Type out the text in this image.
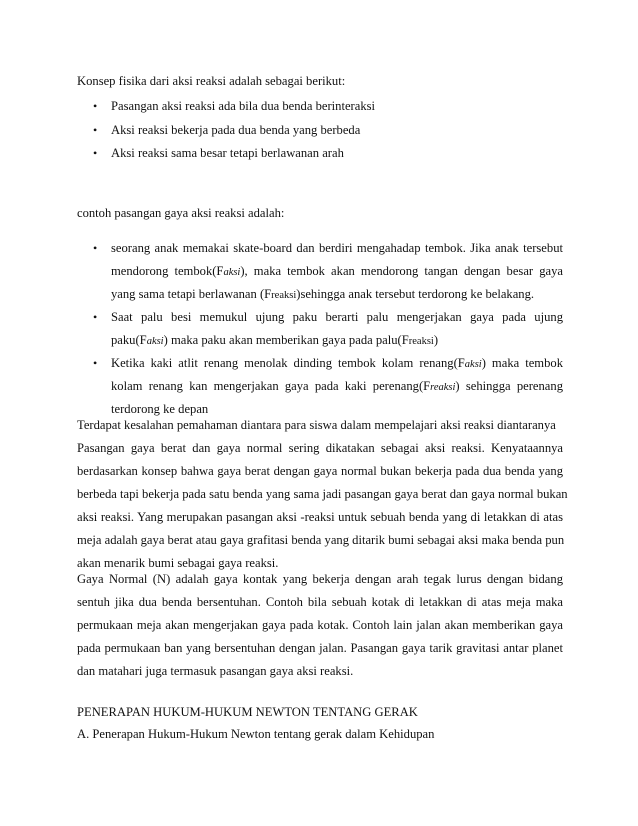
Konsep fisika dari aksi reaksi adalah sebagai berikut:
• Pasangan aksi reaksi ada bila dua benda berinteraksi
• Aksi reaksi bekerja pada dua benda yang berbeda
• Aksi reaksi sama besar tetapi berlawanan arah
contoh pasangan gaya aksi reaksi adalah:
• seorang anak memakai skate-board dan berdiri mengahadap tembok. Jika anak tersebut
mendorong tembok(Faksi), maka tembok akan mendorong tangan dengan besar gaya
yang sama tetapi berlawanan (Freaksi)sehingga anak tersebut terdorong ke belakang.
• Saat palu besi memukul ujung paku berarti palu mengerjakan gaya pada ujung
paku(Faksi) maka paku akan memberikan gaya pada palu(Freaksi)
• Ketika kaki atlit renang menolak dinding tembok kolam renang(Faksi) maka tembok
kolam renang kan mengerjakan gaya pada kaki perenang(Freaksi) sehingga perenang
terdorong ke depan
Terdapat kesalahan pemahaman diantara para siswa dalam mempelajari aksi reaksi diantaranya
Pasangan gaya berat dan gaya normal sering dikatakan sebagai aksi reaksi. Kenyataannya
berdasarkan konsep bahwa gaya berat dengan gaya normal bukan bekerja pada dua benda yang
berbeda tapi bekerja pada satu benda yang sama jadi pasangan gaya berat dan gaya normal bukan
aksi reaksi. Yang merupakan pasangan aksi -reaksi untuk sebuah benda yang di letakkan di atas
meja adalah gaya berat atau gaya grafitasi benda yang ditarik bumi sebagai aksi maka benda pun
akan menarik bumi sebagai gaya reaksi.
Gaya Normal (N) adalah gaya kontak yang bekerja dengan arah tegak lurus dengan bidang
sentuh jika dua benda bersentuhan. Contoh bila sebuah kotak di letakkan di atas meja maka
permukaan meja akan mengerjakan gaya pada kotak. Contoh lain jalan akan memberikan gaya
pada permukaan ban yang bersentuhan dengan jalan. Pasangan gaya tarik gravitasi antar planet
dan matahari juga termasuk pasangan gaya aksi reaksi.
PENERAPAN HUKUM-HUKUM NEWTON TENTANG GERAK
A. Penerapan Hukum-Hukum Newton tentang gerak dalam Kehidupan
